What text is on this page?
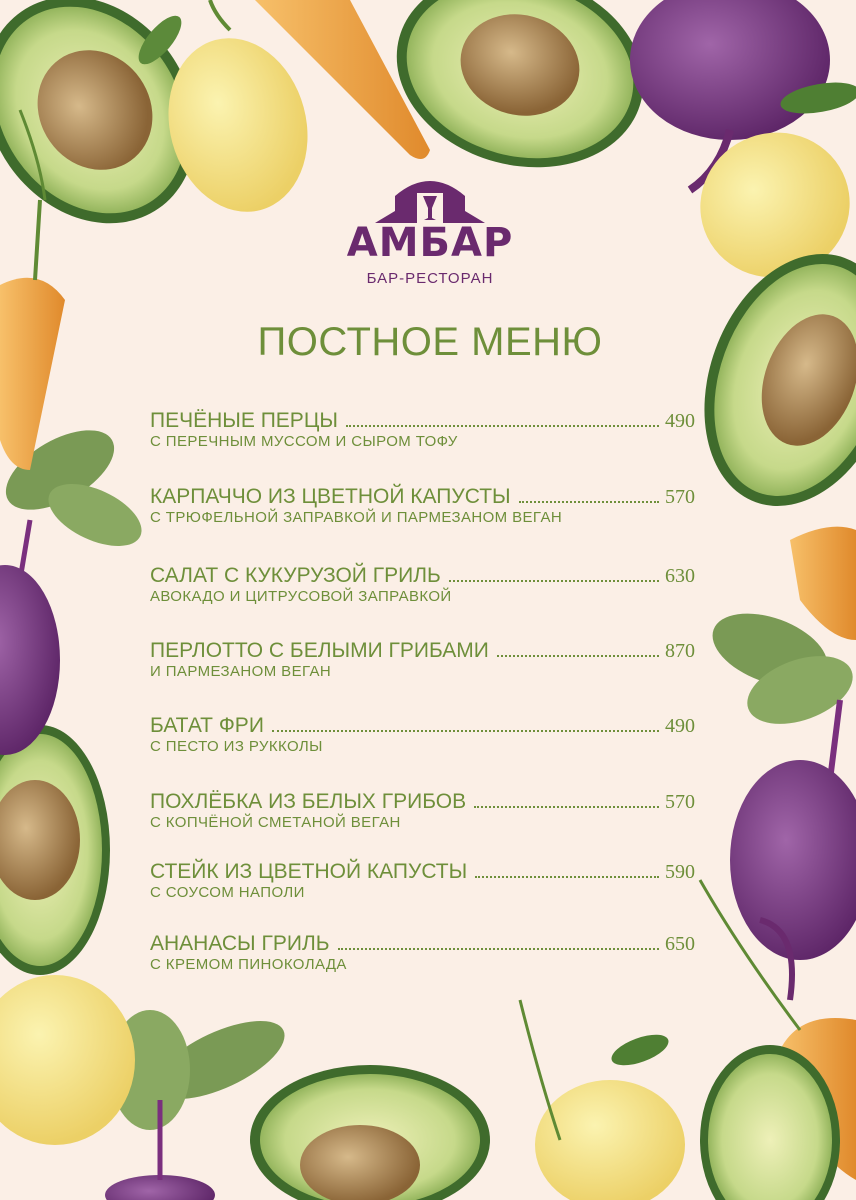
АМБАР
БАР-РЕСТОРАН
ПОСТНОЕ МЕНЮ
ПЕЧЁНЫЕ ПЕРЦЫ	490
С ПЕРЕЧНЫМ МУССОМ И СЫРОМ ТОФУ
КАРПАЧЧО ИЗ ЦВЕТНОЙ КАПУСТЫ	570
С ТРЮФЕЛЬНОЙ ЗАПРАВКОЙ И ПАРМЕЗАНОМ ВЕГАН
САЛАТ С КУКУРУЗОЙ ГРИЛЬ	630
АВОКАДО И ЦИТРУСОВОЙ ЗАПРАВКОЙ
ПЕРЛОТТО С БЕЛЫМИ ГРИБАМИ	870
И ПАРМЕЗАНОМ ВЕГАН
БАТАТ ФРИ	490
С ПЕСТО ИЗ РУККОЛЫ
ПОХЛЁБКА ИЗ БЕЛЫХ ГРИБОВ	570
С КОПЧЁНОЙ СМЕТАНОЙ ВЕГАН
СТЕЙК ИЗ ЦВЕТНОЙ КАПУСТЫ	590
С СОУСОМ НАПОЛИ
АНАНАСЫ ГРИЛЬ	650
С КРЕМОМ ПИНОКОЛАДА
